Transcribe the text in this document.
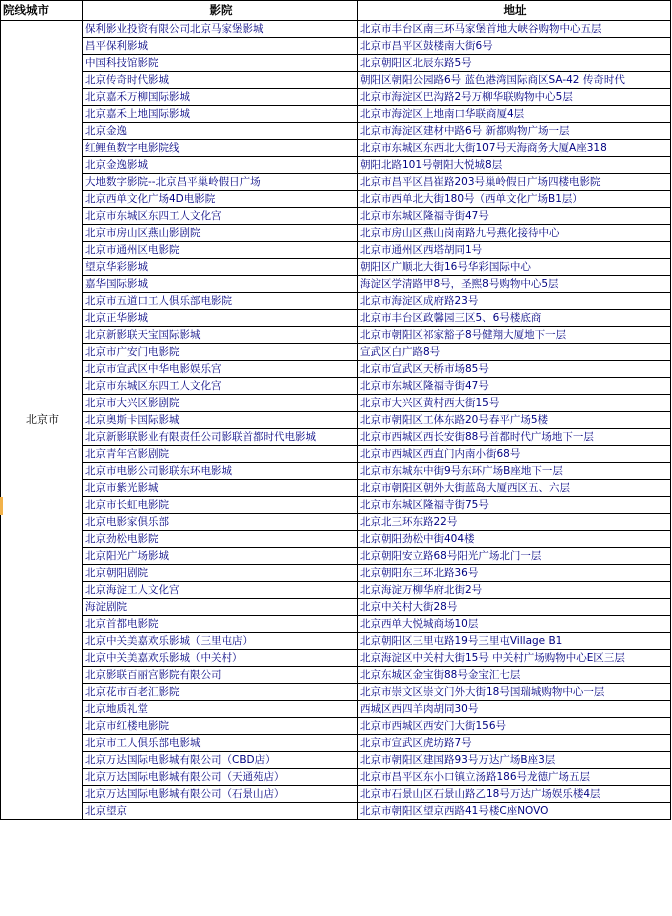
院线城市	影院	地址
北京市	保利影业投资有限公司北京马家堡影城	北京市丰台区南三环马家堡首地大峡谷购物中心五层
	昌平保利影城	北京市昌平区鼓楼南大街6号
	中国科技馆影院	北京朝阳区北辰东路5号
	北京传奇时代影城	朝阳区朝阳公园路6号 蓝色港湾国际商区SA-42 传奇时代
	北京嘉禾万柳国际影城	北京市海淀区巴沟路2号万柳华联购物中心5层
	北京嘉禾上地国际影城	北京市海淀区上地南口华联商厦4层
	北京金逸	北京市海淀区建材中路6号 新都购物广场一层
	红鲤鱼数字电影院线	北京市东城区东西北大街107号天海商务大厦A座318
	北京金逸影城	朝阳北路101号朝阳大悦城8层
	大地数字影院--北京昌平巢岭假日广场	北京市昌平区昌崔路203号巢岭假日广场四楼电影院
	北京西单文化广场4D电影院	北京市西单北大街180号（西单文化广场B1层）
	北京市东城区东四工人文化宫	北京市东城区隆福寺街47号
	北京市房山区燕山影剧院	北京市房山区燕山岗南路九号燕化接待中心
	北京市通州区电影院	北京市通州区西塔胡同1号
	望京华彩影城	朝阳区广顺北大街16号华彩国际中心
	嘉华国际影城	海淀区学清路甲8号，圣熙8号购物中心5层
	北京市五道口工人俱乐部电影院	北京市海淀区成府路23号
	北京正华影城	北京市丰台区政馨园三区5、6号楼底商
	北京新影联天宝国际影城	北京市朝阳区祁家豁子8号健翔大厦地下一层
	北京市广安门电影院	宣武区白广路8号
	北京市宣武区中华电影娱乐宫	北京市宣武区天桥市场85号
	北京市东城区东四工人文化宫	北京市东城区隆福寺街47号
	北京市大兴区影剧院	北京市大兴区黄村西大街15号
	北京奥斯卡国际影城	北京市朝阳区工体东路20号春平广场5楼
	北京新影联影业有限责任公司影联首都时代电影城	北京市西城区西长安街88号首都时代广场地下一层
	北京青年宫影剧院	北京市西城区西直门内南小街68号
	北京市电影公司影联东环电影城	北京市东城东中街9号东环广场B座地下一层
	北京市紫光影城	北京市朝阳区朝外大街蓝岛大厦西区五、六层
	北京市长虹电影院	北京市东城区隆福寺街75号
	北京电影家俱乐部	北京北三环东路22号
	北京劲松电影院	北京朝阳劲松中街404楼
	北京阳光广场影城	北京朝阳安立路68号阳光广场北门一层
	北京朝阳剧院	北京朝阳东三环北路36号
	北京海淀工人文化宫	北京海淀万柳华府北街2号
	海淀剧院	北京中关村大街28号
	北京首都电影院	北京西单大悦城商场10层
	北京中关美嘉欢乐影城（三里屯店）	北京朝阳区三里屯路19号三里屯Village B1
	北京中关美嘉欢乐影城（中关村）	北京海淀区中关村大街15号 中关村广场购物中心E区三层
	北京影联百丽宫影院有限公司	北京东城区金宝街88号金宝汇七层
	北京花市百老汇影院	北京市崇文区崇文门外大街18号国瑞城购物中心一层
	北京地质礼堂	西城区西四羊肉胡同30号
	北京市红楼电影院	北京市西城区西安门大街156号
	北京市工人俱乐部电影城	北京市宣武区虎坊路7号
	北京万达国际电影城有限公司（CBD店）	北京市朝阳区建国路93号万达广场B座3层
	北京万达国际电影城有限公司（天通苑店）	北京市昌平区东小口镇立汤路186号龙德广场五层
	北京万达国际电影城有限公司（石景山店）	北京市石景山区石景山路乙18号万达广场娱乐楼4层
	北京望京	北京市朝阳区望京西路41号楼C座NOVO
